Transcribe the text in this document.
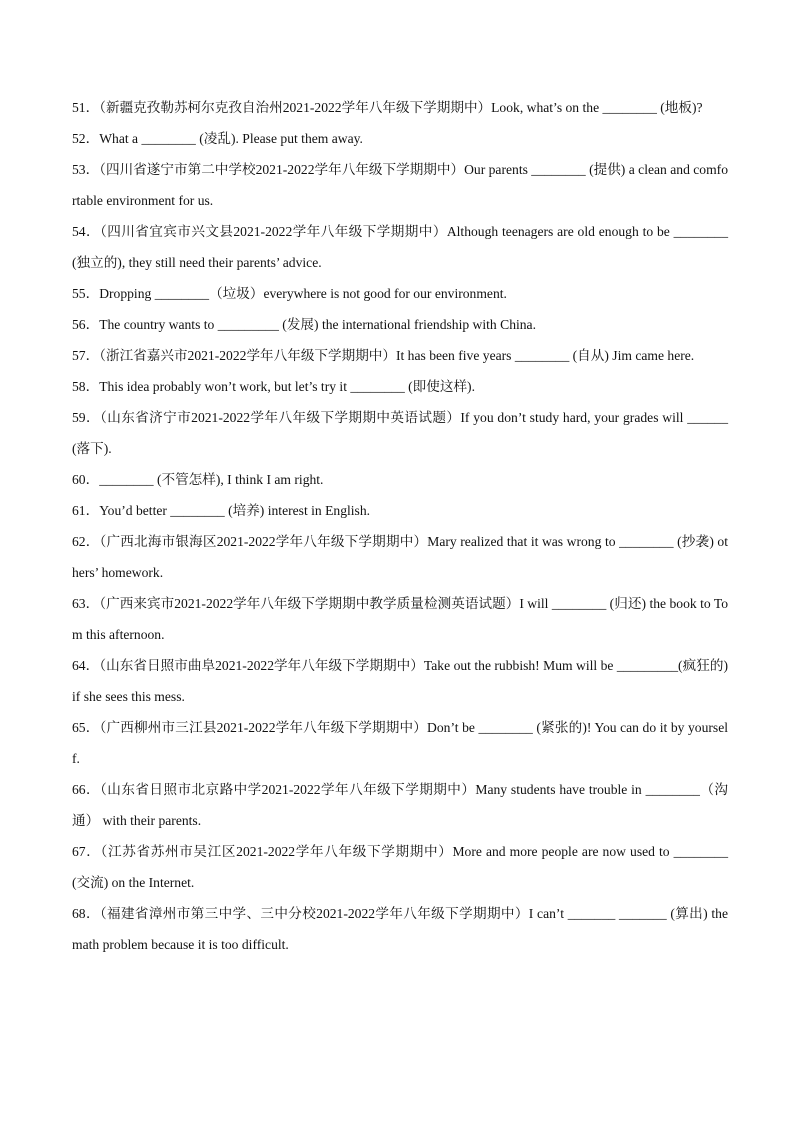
51．（新疆克孜勒苏柯尔克孜自治州2021-2022学年八年级下学期期中）Look, what’s on the ________ (地板)?
52．What a ________ (凌乱). Please put them away.
53．（四川省遂宁市第二中学校2021-2022学年八年级下学期期中）Our parents ________ (提供) a clean and comfortable environment for us.
54．（四川省宜宾市兴文县2021-2022学年八年级下学期期中）Although teenagers are old enough to be ________ (独立的), they still need their parents’ advice.
55．Dropping ________（垃圾）everywhere is not good for our environment.
56．The country wants to _________ (发展) the international friendship with China.
57．（浙江省嘉兴市2021-2022学年八年级下学期期中）It has been five years ________ (自从) Jim came here.
58．This idea probably won’t work, but let’s try it ________ (即使这样).
59．（山东省济宁市2021-2022学年八年级下学期期中英语试题）If you don’t study hard, your grades will ______ (落下).
60．________ (不管怎样), I think I am right.
61．You’d better ________ (培养) interest in English.
62．（广西北海市银海区2021-2022学年八年级下学期期中）Mary realized that it was wrong to ________ (抄袭) others’ homework.
63．（广西来宾市2021-2022学年八年级下学期期中教学质量检测英语试题）I will ________ (归还) the book to Tom this afternoon.
64．（山东省日照市曲阜2021-2022学年八年级下学期期中）Take out the rubbish! Mum will be _________(疯狂的) if she sees this mess.
65．（广西柳州市三江县2021-2022学年八年级下学期期中）Don’t be ________ (紧张的)! You can do it by yourself.
66．（山东省日照市北京路中学2021-2022学年八年级下学期期中）Many students have trouble in ________（沟通） with their parents.
67．（江苏省苏州市吴江区2021-2022学年八年级下学期期中）More and more people are now used to ________ (交流) on the Internet.
68．（福建省漳州市第三中学、三中分校2021-2022学年八年级下学期期中）I can’t _______ _______ (算出) the math problem because it is too difficult.
